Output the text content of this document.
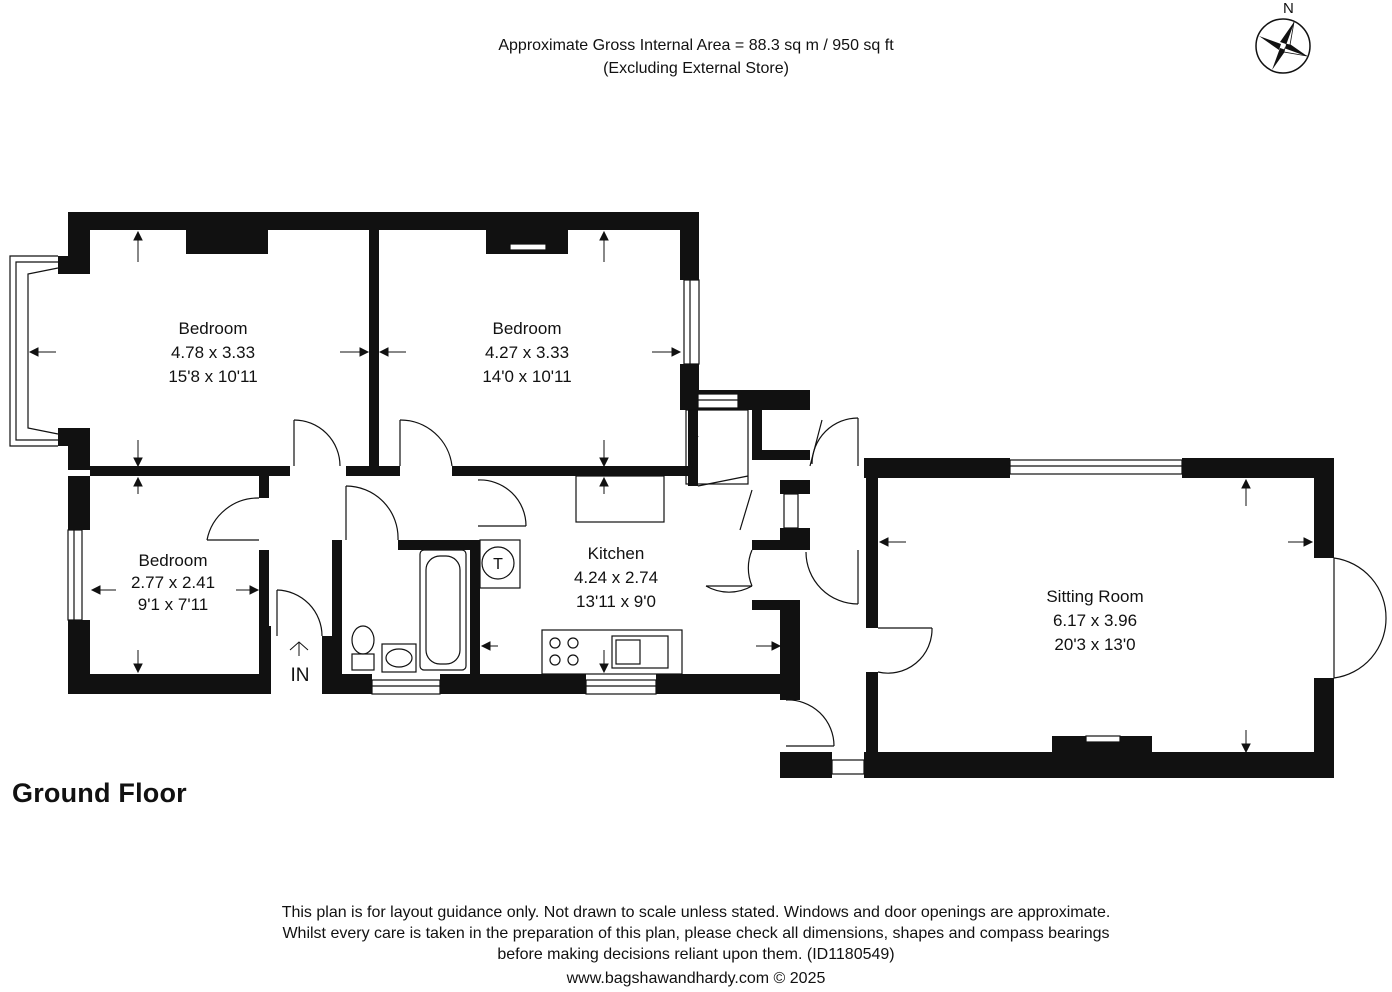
Approximate Gross Internal Area = 88.3 sq m / 950 sq ft
(Excluding External Store)
N
Bedroom
4.78 x 3.33
15'8 x 10'11
Bedroom
4.27 x 3.33
14'0 x 10'11
Bedroom
2.77 x 2.41
9'1 x 7'11
Kitchen
4.24 x 2.74
13'11 x 9'0	Sitting Room
6.17 x 3.96
20'3 x 13'0
T
IN
Ground Floor
This plan is for layout guidance only. Not drawn to scale unless stated. Windows and door openings are approximate.
Whilst every care is taken in the preparation of this plan, please check all dimensions, shapes and compass bearings
before making decisions reliant upon them. (ID1180549)
www.bagshawandhardy.com © 2025
